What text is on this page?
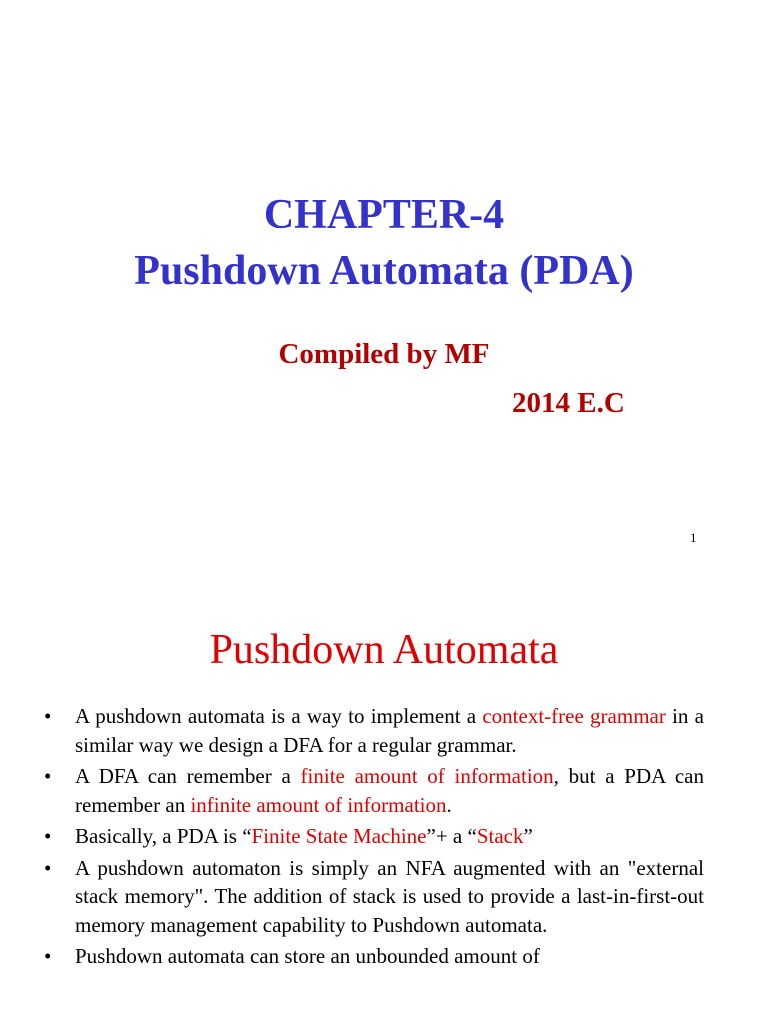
CHAPTER-4
Pushdown Automata (PDA)
Compiled by MF
2014 E.C
1
Pushdown Automata
• A pushdown automata is a way to implement a context-free grammar in a similar way we design a DFA for a regular grammar.
• A DFA can remember a finite amount of information, but a PDA can remember an infinite amount of information.
• Basically, a PDA is “Finite State Machine”+ a “Stack”
• A pushdown automaton is simply an NFA augmented with an "external stack memory". The addition of stack is used to provide a last-in-first-out memory management capability to Pushdown automata.
• Pushdown automata can store an unbounded amount of
